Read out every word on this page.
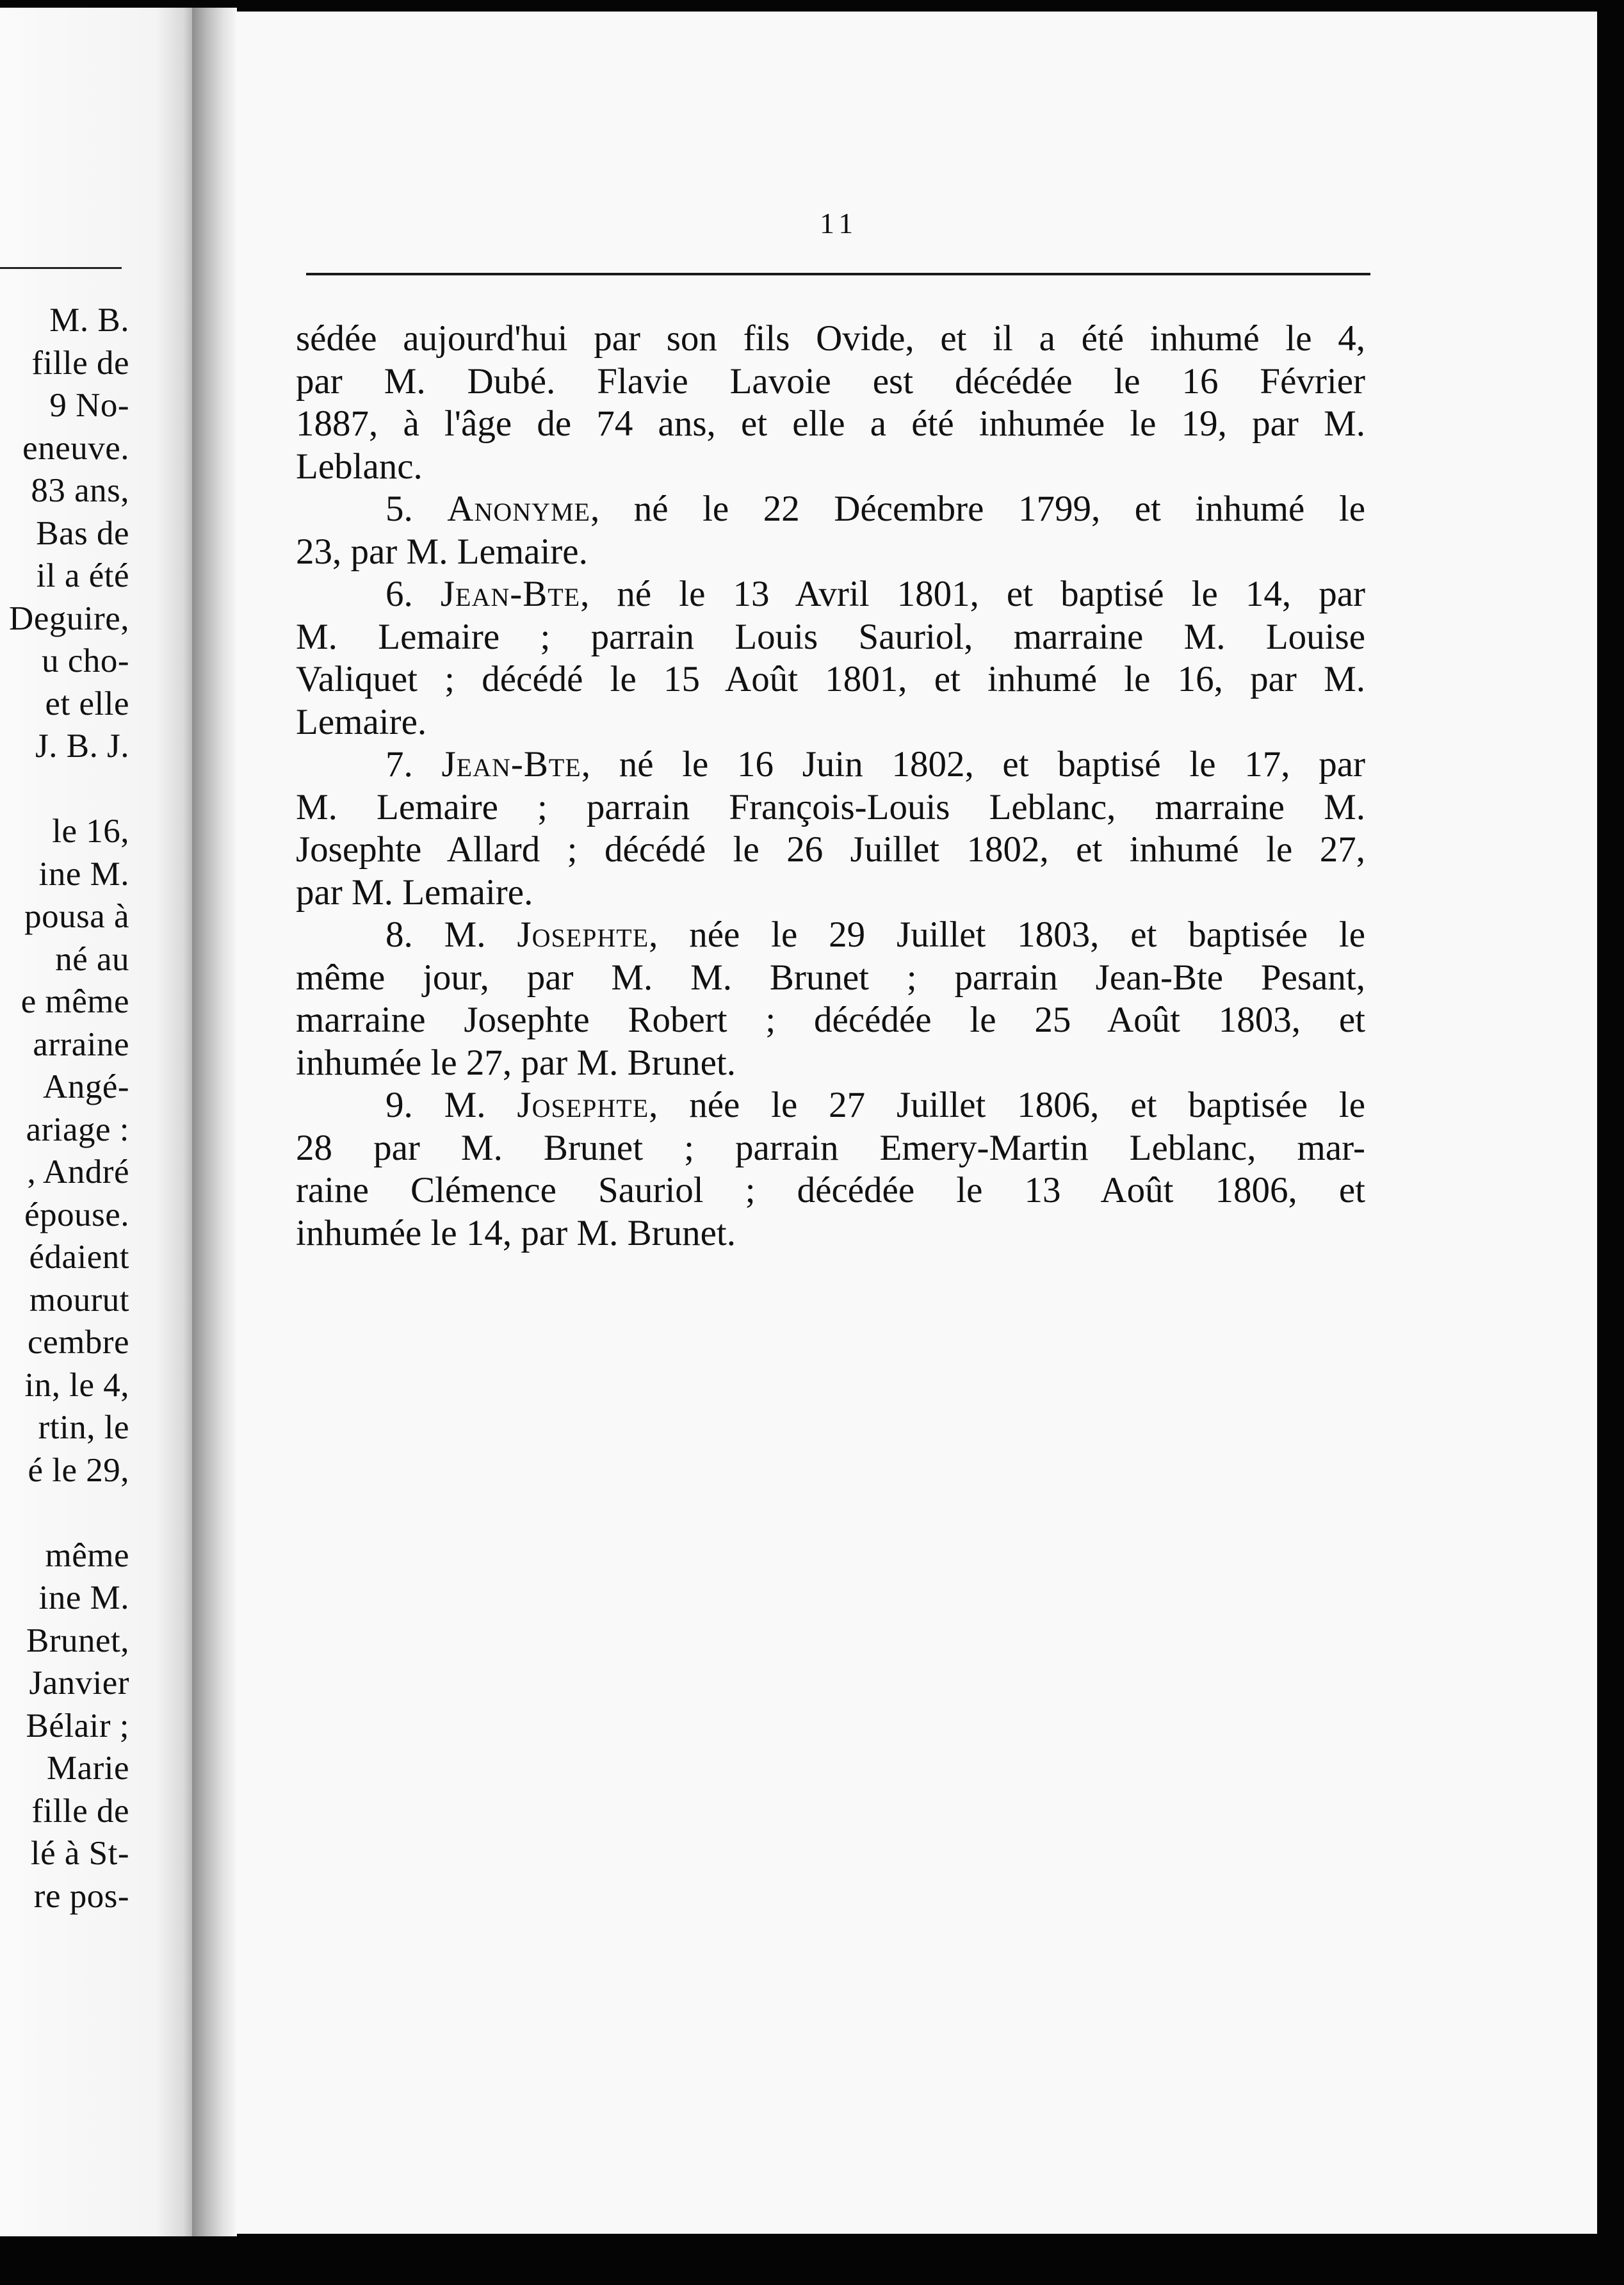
M. B.
fille de
9 No-
eneuve.
83 ans,
Bas de
il a été
Deguire,
u cho-
et elle
J. B. J.
le 16,
ine M.
pousa à
né au
e même
arraine
Angé-
ariage :
, André
épouse.
édaient
mourut
cembre
in, le 4,
rtin, le
é le 29,
même
ine M.
Brunet,
Janvier
Bélair ;
Marie
fille de
lé à St-
re pos-
11
sédée aujourd'hui par son fils Ovide, et il a été inhumé le 4,
par M. Dubé. Flavie Lavoie est décédée le 16 Février
1887, à l'âge de 74 ans, et elle a été inhumée le 19, par M.
Leblanc.
5. Anonyme, né le 22 Décembre 1799, et inhumé le
23, par M. Lemaire.
6. Jean-Bte, né le 13 Avril 1801, et baptisé le 14, par
M. Lemaire ; parrain Louis Sauriol, marraine M. Louise
Valiquet ; décédé le 15 Août 1801, et inhumé le 16, par M.
Lemaire.
7. Jean-Bte, né le 16 Juin 1802, et baptisé le 17, par
M. Lemaire ; parrain François-Louis Leblanc, marraine M.
Josephte Allard ; décédé le 26 Juillet 1802, et inhumé le 27,
par M. Lemaire.
8. M. Josephte, née le 29 Juillet 1803, et baptisée le
même jour, par M. M. Brunet ; parrain Jean-Bte Pesant,
marraine Josephte Robert ; décédée le 25 Août 1803, et
inhumée le 27, par M. Brunet.
9. M. Josephte, née le 27 Juillet 1806, et baptisée le
28 par M. Brunet ; parrain Emery-Martin Leblanc, mar-
raine Clémence Sauriol ; décédée le 13 Août 1806, et
inhumée le 14, par M. Brunet.
